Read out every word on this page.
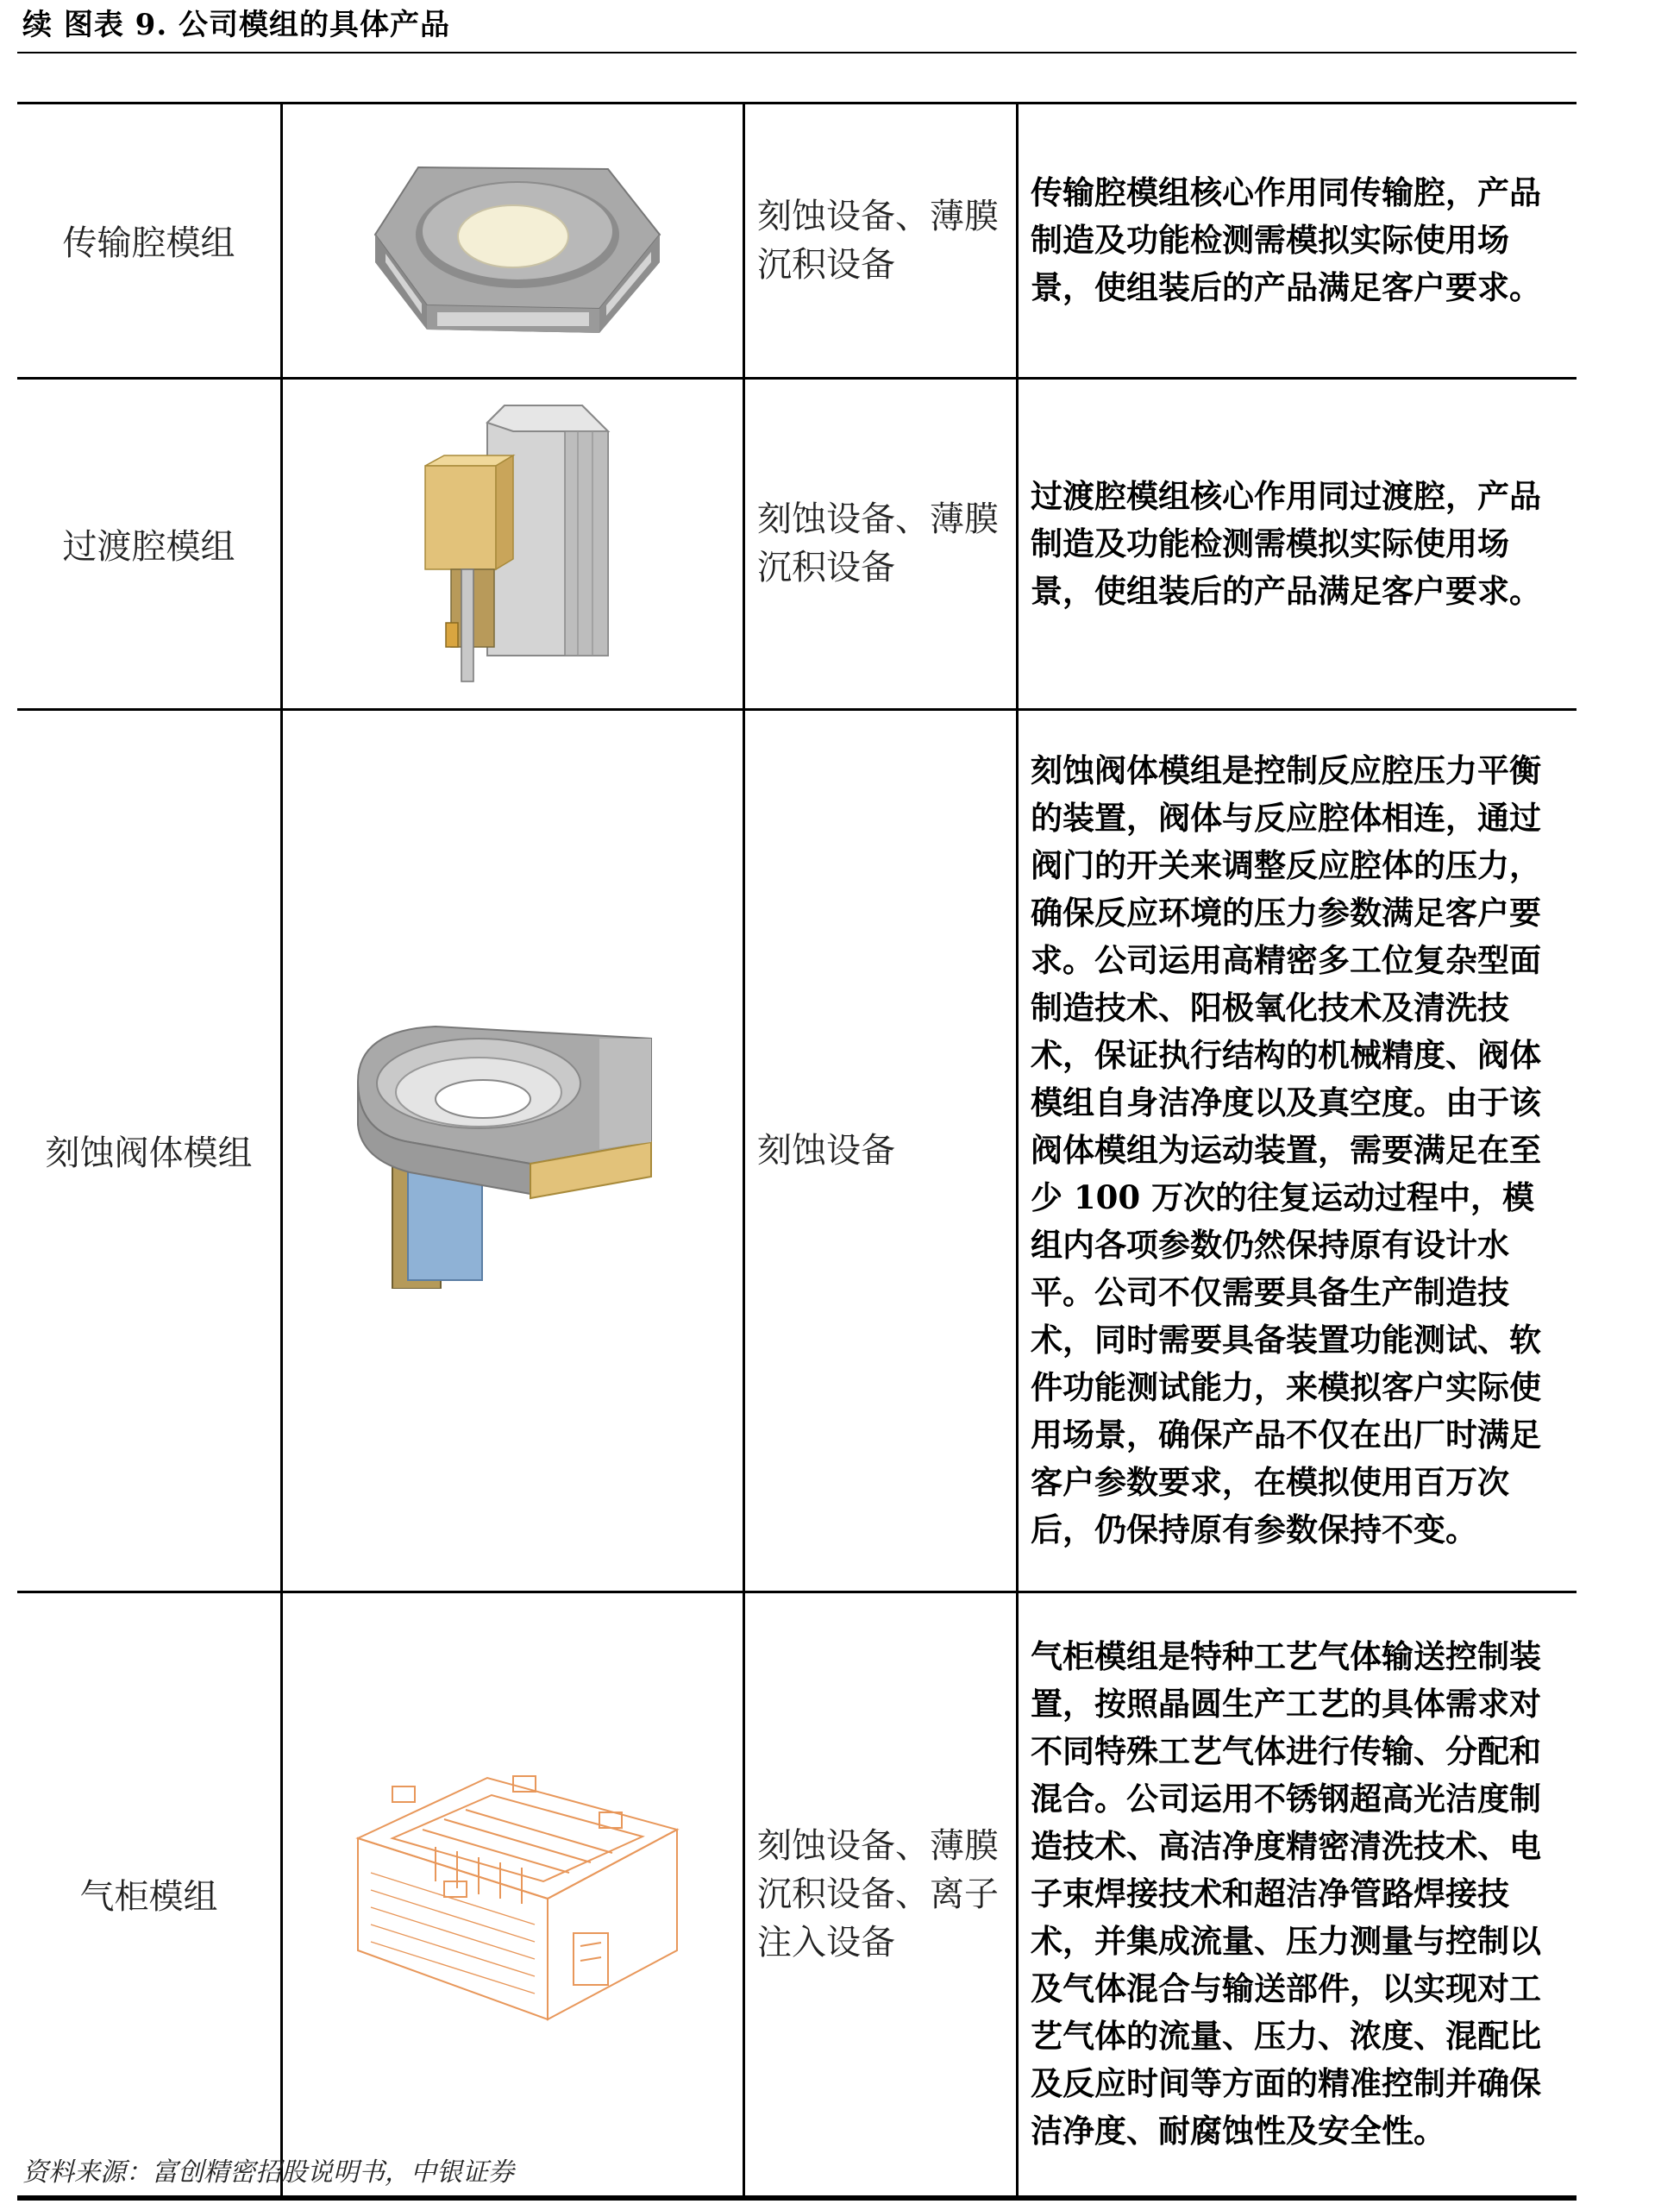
续 图表 9. 公司模组的具体产品
传输腔模组		刻蚀设备、薄膜沉积设备	传输腔模组核心作用同传输腔，产品制造及功能检测需模拟实际使用场景，使组装后的产品满足客户要求。
过渡腔模组		刻蚀设备、薄膜沉积设备	过渡腔模组核心作用同过渡腔，产品制造及功能检测需模拟实际使用场景，使组装后的产品满足客户要求。
刻蚀阀体模组		刻蚀设备	刻蚀阀体模组是控制反应腔压力平衡的装置，阀体与反应腔体相连，通过阀门的开关来调整反应腔体的压力，确保反应环境的压力参数满足客户要求。公司运用高精密多工位复杂型面制造技术、阳极氧化技术及清洗技术，保证执行结构的机械精度、阀体模组自身洁净度以及真空度。由于该阀体模组为运动装置，需要满足在至少 100 万次的往复运动过程中，模组内各项参数仍然保持原有设计水平。公司不仅需要具备生产制造技术，同时需要具备装置功能测试、软件功能测试能力，来模拟客户实际使用场景，确保产品不仅在出厂时满足客户参数要求，在模拟使用百万次后，仍保持原有参数保持不变。
气柜模组		刻蚀设备、薄膜沉积设备、离子注入设备	气柜模组是特种工艺气体输送控制装置，按照晶圆生产工艺的具体需求对不同特殊工艺气体进行传输、分配和混合。公司运用不锈钢超高光洁度制造技术、高洁净度精密清洗技术、电子束焊接技术和超洁净管路焊接技术，并集成流量、压力测量与控制以及气体混合与输送部件，以实现对工艺气体的流量、压力、浓度、混配比及反应时间等方面的精准控制并确保洁净度、耐腐蚀性及安全性。
资料来源：富创精密招股说明书，中银证券
